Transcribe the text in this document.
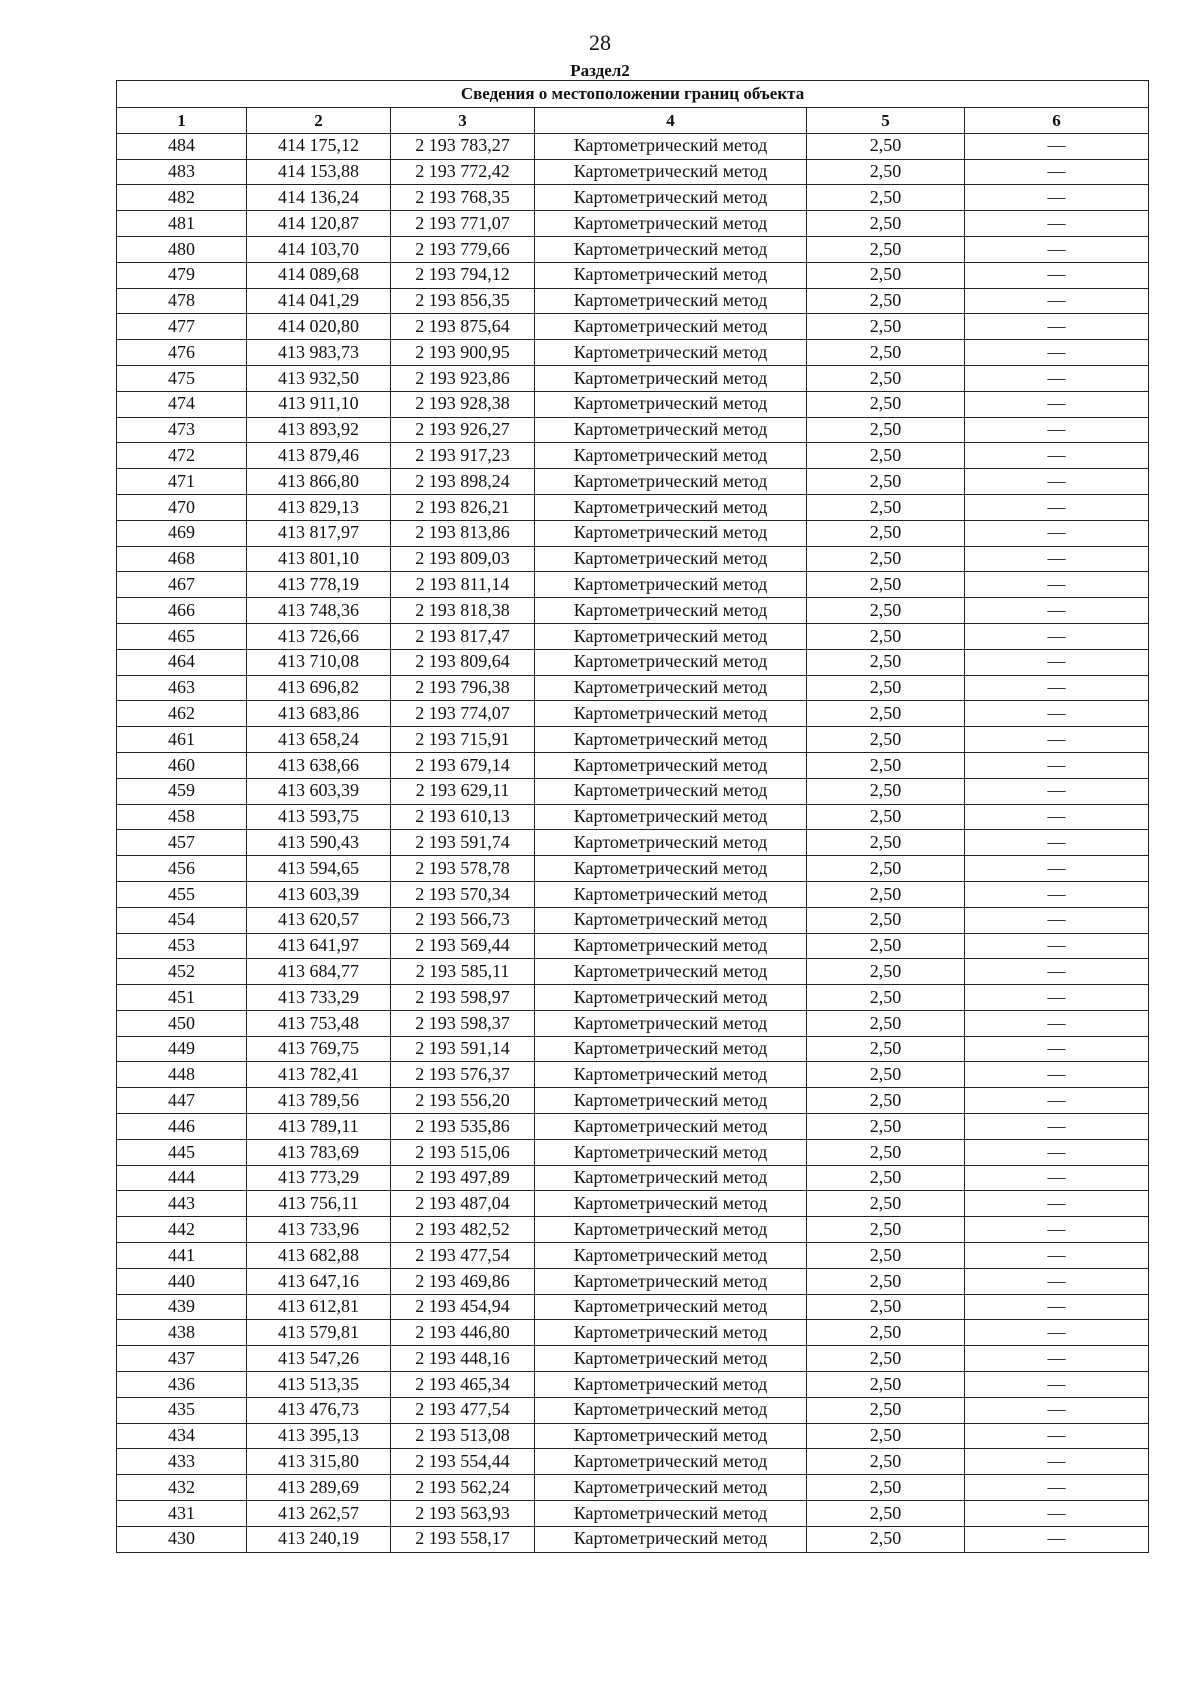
28
Раздел2
Сведения о местоположении границ объекта					
1	2	3	4	5	6
484	414 175,12	2 193 783,27	Картометрический метод	2,50	—
483	414 153,88	2 193 772,42	Картометрический метод	2,50	—
482	414 136,24	2 193 768,35	Картометрический метод	2,50	—
481	414 120,87	2 193 771,07	Картометрический метод	2,50	—
480	414 103,70	2 193 779,66	Картометрический метод	2,50	—
479	414 089,68	2 193 794,12	Картометрический метод	2,50	—
478	414 041,29	2 193 856,35	Картометрический метод	2,50	—
477	414 020,80	2 193 875,64	Картометрический метод	2,50	—
476	413 983,73	2 193 900,95	Картометрический метод	2,50	—
475	413 932,50	2 193 923,86	Картометрический метод	2,50	—
474	413 911,10	2 193 928,38	Картометрический метод	2,50	—
473	413 893,92	2 193 926,27	Картометрический метод	2,50	—
472	413 879,46	2 193 917,23	Картометрический метод	2,50	—
471	413 866,80	2 193 898,24	Картометрический метод	2,50	—
470	413 829,13	2 193 826,21	Картометрический метод	2,50	—
469	413 817,97	2 193 813,86	Картометрический метод	2,50	—
468	413 801,10	2 193 809,03	Картометрический метод	2,50	—
467	413 778,19	2 193 811,14	Картометрический метод	2,50	—
466	413 748,36	2 193 818,38	Картометрический метод	2,50	—
465	413 726,66	2 193 817,47	Картометрический метод	2,50	—
464	413 710,08	2 193 809,64	Картометрический метод	2,50	—
463	413 696,82	2 193 796,38	Картометрический метод	2,50	—
462	413 683,86	2 193 774,07	Картометрический метод	2,50	—
461	413 658,24	2 193 715,91	Картометрический метод	2,50	—
460	413 638,66	2 193 679,14	Картометрический метод	2,50	—
459	413 603,39	2 193 629,11	Картометрический метод	2,50	—
458	413 593,75	2 193 610,13	Картометрический метод	2,50	—
457	413 590,43	2 193 591,74	Картометрический метод	2,50	—
456	413 594,65	2 193 578,78	Картометрический метод	2,50	—
455	413 603,39	2 193 570,34	Картометрический метод	2,50	—
454	413 620,57	2 193 566,73	Картометрический метод	2,50	—
453	413 641,97	2 193 569,44	Картометрический метод	2,50	—
452	413 684,77	2 193 585,11	Картометрический метод	2,50	—
451	413 733,29	2 193 598,97	Картометрический метод	2,50	—
450	413 753,48	2 193 598,37	Картометрический метод	2,50	—
449	413 769,75	2 193 591,14	Картометрический метод	2,50	—
448	413 782,41	2 193 576,37	Картометрический метод	2,50	—
447	413 789,56	2 193 556,20	Картометрический метод	2,50	—
446	413 789,11	2 193 535,86	Картометрический метод	2,50	—
445	413 783,69	2 193 515,06	Картометрический метод	2,50	—
444	413 773,29	2 193 497,89	Картометрический метод	2,50	—
443	413 756,11	2 193 487,04	Картометрический метод	2,50	—
442	413 733,96	2 193 482,52	Картометрический метод	2,50	—
441	413 682,88	2 193 477,54	Картометрический метод	2,50	—
440	413 647,16	2 193 469,86	Картометрический метод	2,50	—
439	413 612,81	2 193 454,94	Картометрический метод	2,50	—
438	413 579,81	2 193 446,80	Картометрический метод	2,50	—
437	413 547,26	2 193 448,16	Картометрический метод	2,50	—
436	413 513,35	2 193 465,34	Картометрический метод	2,50	—
435	413 476,73	2 193 477,54	Картометрический метод	2,50	—
434	413 395,13	2 193 513,08	Картометрический метод	2,50	—
433	413 315,80	2 193 554,44	Картометрический метод	2,50	—
432	413 289,69	2 193 562,24	Картометрический метод	2,50	—
431	413 262,57	2 193 563,93	Картометрический метод	2,50	—
430	413 240,19	2 193 558,17	Картометрический метод	2,50	—
